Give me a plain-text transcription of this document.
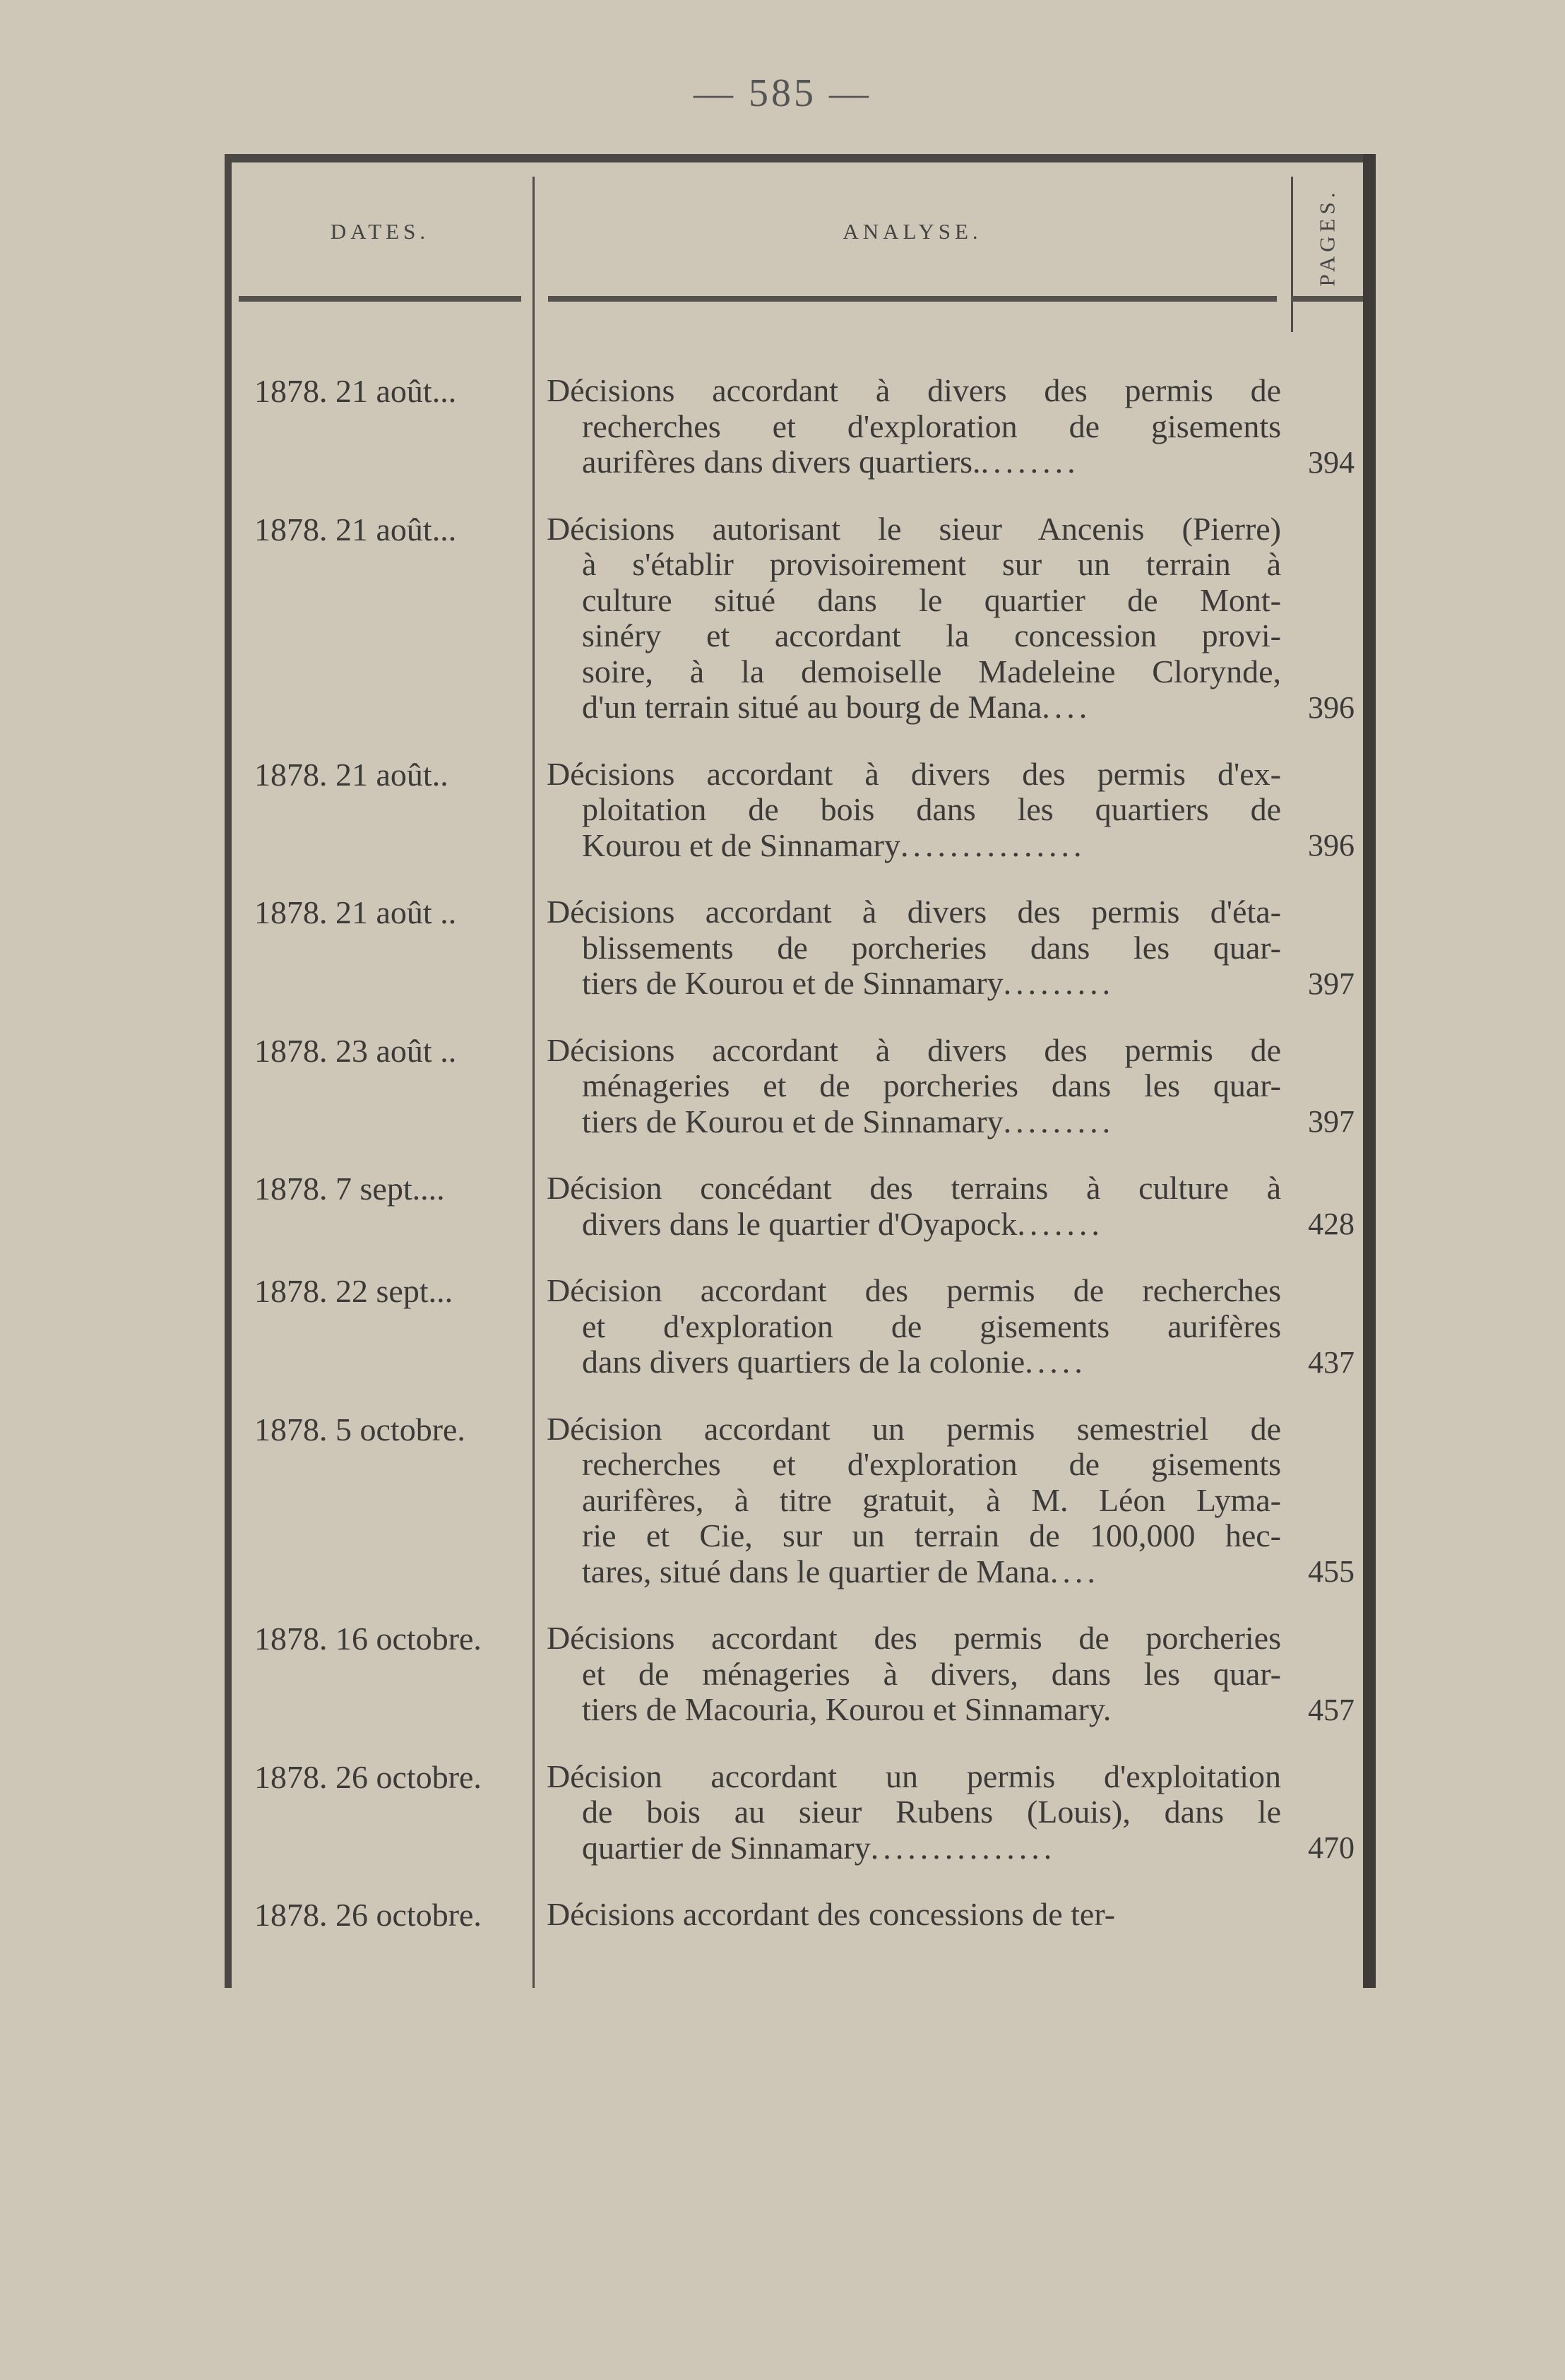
— 585 —
DATES.	ANALYSE.	PAGES.
1878. 21 août...	Décisions accordant à divers des permis de
recherches et d'exploration de gisements
aurifères dans divers quartiers. ........	394
1878. 21 août...	Décisions autorisant le sieur Ancenis (Pierre)
à s'établir provisoirement sur un terrain à
culture situé dans le quartier de Mont-
sinéry et accordant la concession provi-
soire, à la demoiselle Madeleine Clorynde,
d'un terrain situé au bourg de Mana ....	396
1878. 21 août..	Décisions accordant à divers des permis d'ex-
ploitation de bois dans les quartiers de
Kourou et de Sinnamary ...............	396
1878. 21 août ..	Décisions accordant à divers des permis d'éta-
blissements de porcheries dans les quar-
tiers de Kourou et de Sinnamary .........	397
1878. 23 août ..	Décisions accordant à divers des permis de
ménageries et de porcheries dans les quar-
tiers de Kourou et de Sinnamary .........	397
1878. 7 sept....	Décision concédant des terrains à culture à
divers dans le quartier d'Oyapock .......	428
1878. 22 sept...	Décision accordant des permis de recherches
et d'exploration de gisements aurifères
dans divers quartiers de la colonie .....	437
1878. 5 octobre.	Décision accordant un permis semestriel de
recherches et d'exploration de gisements
aurifères, à titre gratuit, à M. Léon Lyma-
rie et Cie, sur un terrain de 100,000 hec-
tares, situé dans le quartier de Mana ....	455
1878. 16 octobre.	Décisions accordant des permis de porcheries
et de ménageries à divers, dans les quar-
tiers de Macouria, Kourou et Sinnamary.	457
1878. 26 octobre.	Décision accordant un permis d'exploitation
de bois au sieur Rubens (Louis), dans le
quartier de Sinnamary ...............	470
1878. 26 octobre.	Décisions accordant des concessions de ter-
